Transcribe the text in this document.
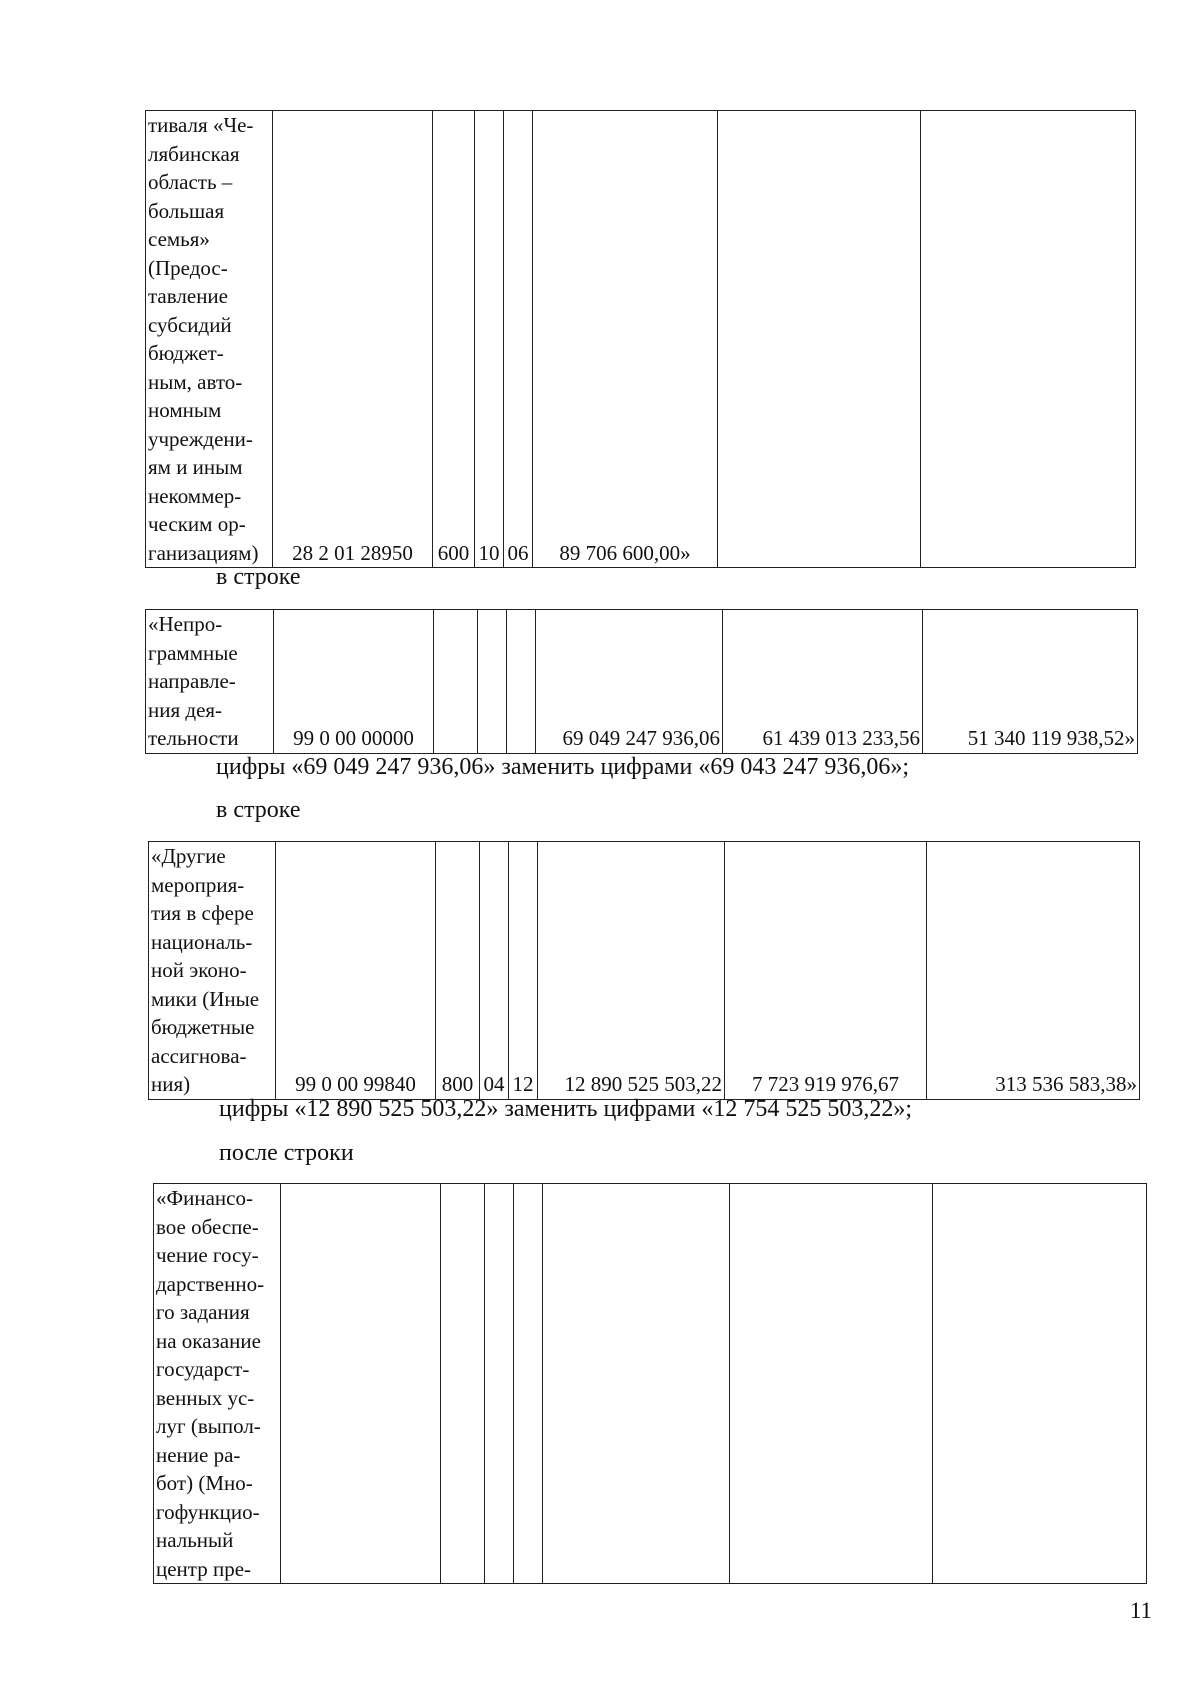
тиваля «Че-
лябинская
область –
большая
семья»
(Предос-
тавление
субсидий
бюджет-
ным, авто-
номным
учреждени-
ям и иным
некоммер-
ческим ор-
ганизациям)	28 2 01 28950	600	10	06	89 706 600,00»		
в строке
«Непро-
граммные
направле-
ния дея-
тельности	99 0 00 00000				69 049 247 936,06	61 439 013 233,56	51 340 119 938,52»
цифры «69 049 247 936,06» заменить цифрами «69 043 247 936,06»;
в строке
«Другие
мероприя-
тия в сфере
националь-
ной эконо-
мики (Иные
бюджетные
ассигнова-
ния)	99 0 00 99840	800	04	12	12 890 525 503,22	7 723 919 976,67	313 536 583,38»
цифры «12 890 525 503,22» заменить цифрами «12 754 525 503,22»;
после строки
«Финансо-
вое обеспе-
чение госу-
дарственно-
го задания
на оказание
государст-
венных ус-
луг (выпол-
нение ра-
бот) (Мно-
гофункцио-
нальный
центр пре-							
11
